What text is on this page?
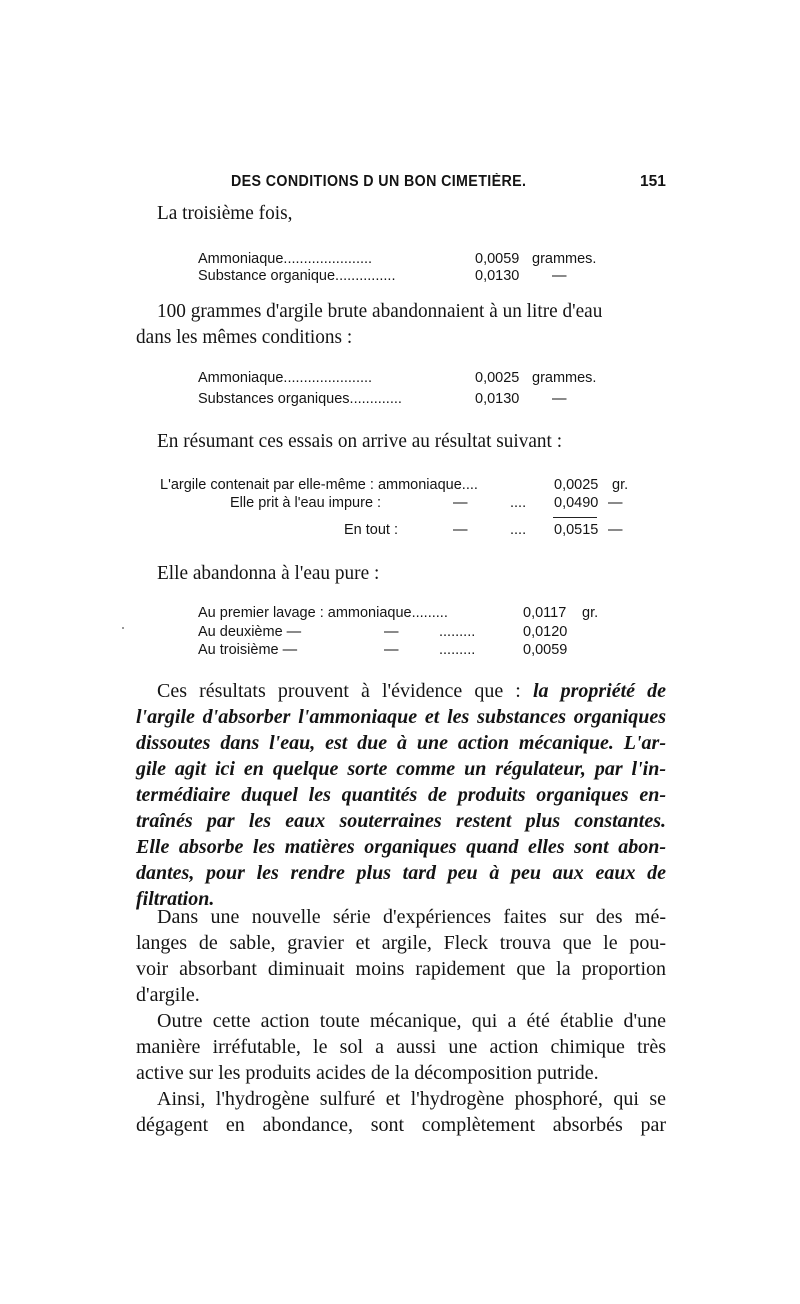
DES CONDITIONS D UN BON CIMETIÈRE.	151
La troisième fois,
Ammoniaque......................	0,0059 grammes.
Substance organique...............	0,0130 —
100 grammes d'argile brute abandonnaient à un litre d'eau
dans les mêmes conditions :
Ammoniaque......................	0,0025 grammes.
Substances organiques.............	0,0130 —
En résumant ces essais on arrive au résultat suivant :
L'argile contenait par elle-même : ammoniaque....	0,0025 gr.
Elle prit à l'eau impure :	—	.... 0,0490 —
En tout :	—	.... 0,0515 —
Elle abandonna à l'eau pure :
Au premier lavage : ammoniaque.........	0,0117 gr.
Au deuxième —	—	.........	0,0120
Au troisième —	—	.........	0,0059
Ces résultats prouvent à l'évidence que : la propriété de
l'argile d'absorber l'ammoniaque et les substances organiques
dissoutes dans l'eau, est due à une action mécanique. L'ar-
gile agit ici en quelque sorte comme un régulateur, par l'in-
termédiaire duquel les quantités de produits organiques en-
traînés par les eaux souterraines restent plus constantes.
Elle absorbe les matières organiques quand elles sont abon-
dantes, pour les rendre plus tard peu à peu aux eaux de
filtration.
Dans une nouvelle série d'expériences faites sur des mé-
langes de sable, gravier et argile, Fleck trouva que le pou-
voir absorbant diminuait moins rapidement que la proportion
d'argile.
Outre cette action toute mécanique, qui a été établie d'une
manière irréfutable, le sol a aussi une action chimique très
active sur les produits acides de la décomposition putride.
Ainsi, l'hydrogène sulfuré et l'hydrogène phosphoré, qui se
dégagent en abondance, sont complètement absorbés par
